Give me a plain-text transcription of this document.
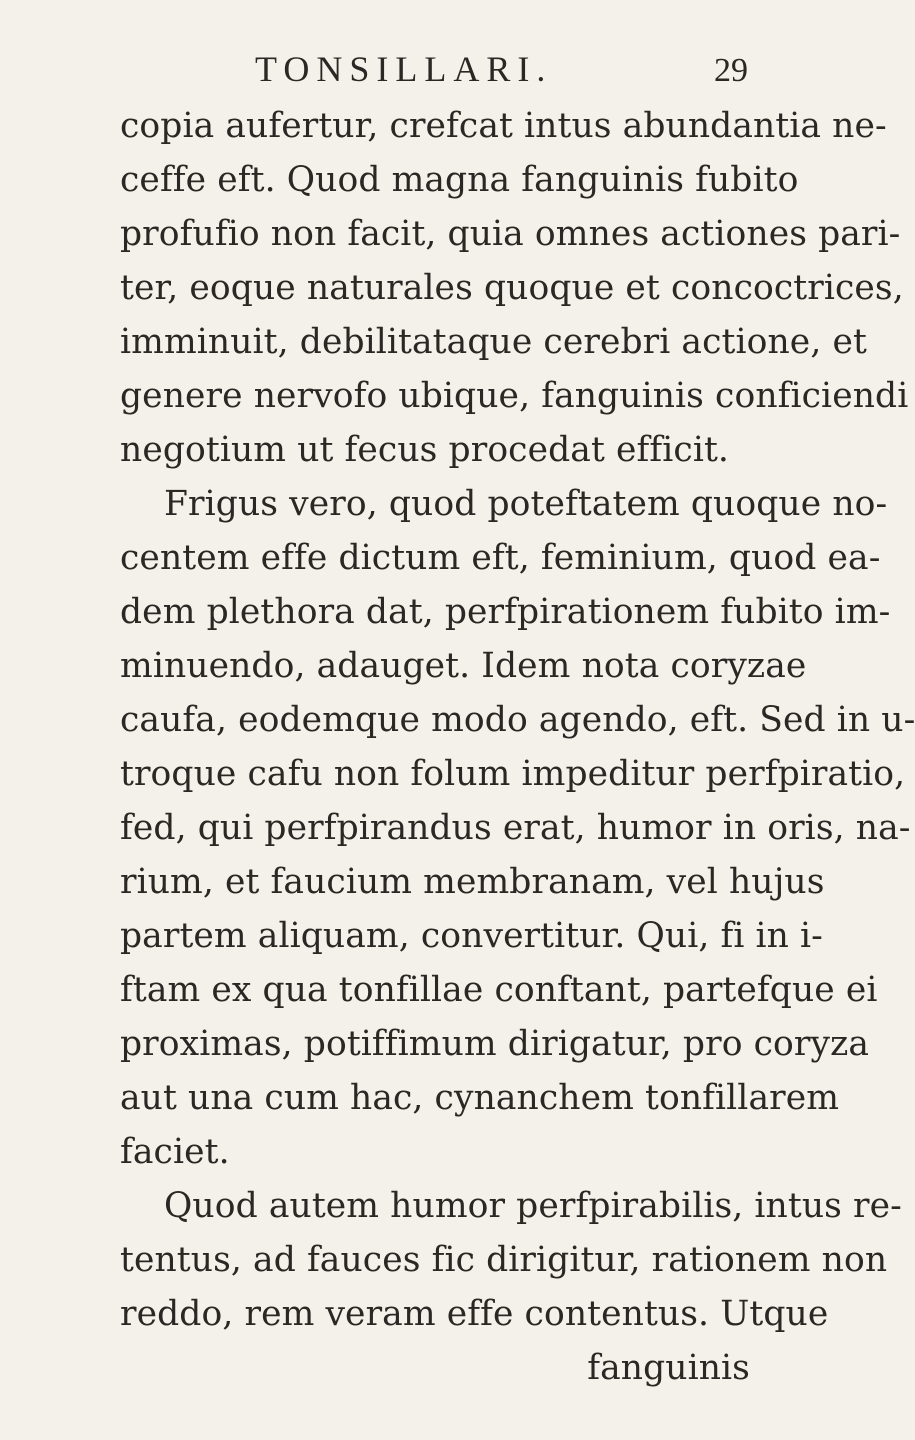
TONSILLARI.	29
copia aufertur, crefcat intus abundantia ne-
ceffe eft. Quod magna fanguinis fubito
profufio non facit, quia omnes actiones pari-
ter, eoque naturales quoque et concoctrices,
imminuit, debilitataque cerebri actione, et
genere nervofo ubique, fanguinis conficiendi
negotium ut fecus procedat efficit.
Frigus vero, quod poteftatem quoque no-
centem effe dictum eft, feminium, quod ea-
dem plethora dat, perfpirationem fubito im-
minuendo, adauget. Idem nota coryzae
caufa, eodemque modo agendo, eft. Sed in u-
troque cafu non folum impeditur perfpiratio,
fed, qui perfpirandus erat, humor in oris, na-
rium, et faucium membranam, vel hujus
partem aliquam, convertitur. Qui, fi in i-
ftam ex qua tonfillae conftant, partefque ei
proximas, potiffimum dirigatur, pro coryza
aut una cum hac, cynanchem tonfillarem
faciet.
Quod autem humor perfpirabilis, intus re-
tentus, ad fauces fic dirigitur, rationem non
reddo, rem veram effe contentus. Utque
fanguinis
